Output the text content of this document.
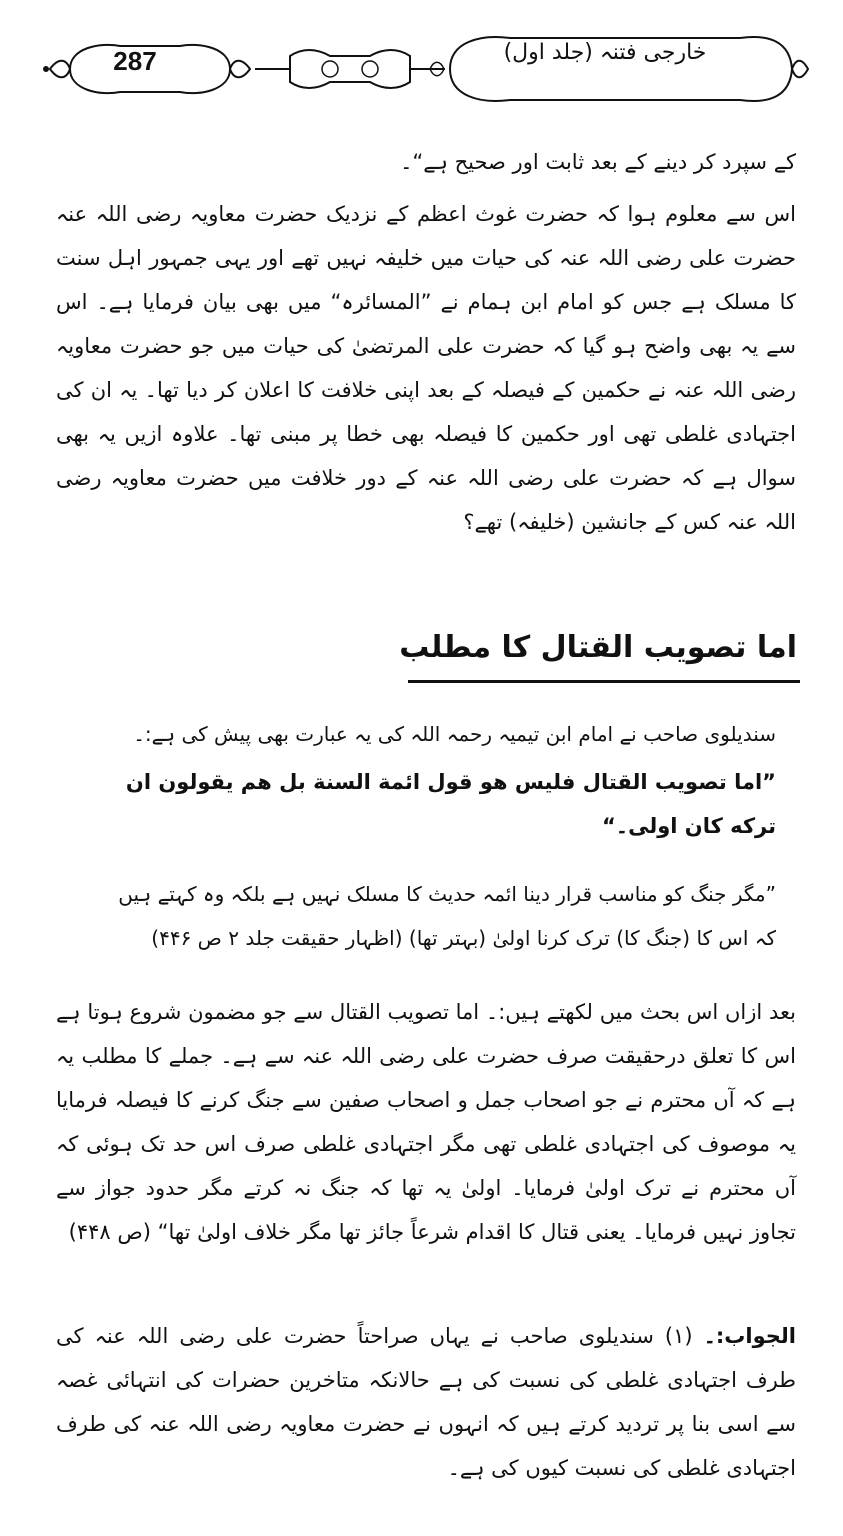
287	خارجی فتنہ (جلد اول)
کے سپرد کر دینے کے بعد ثابت اور صحیح ہے“۔
اس سے معلوم ہوا کہ حضرت غوث اعظم کے نزدیک حضرت معاویہ رضی اللہ عنہ حضرت علی رضی اللہ عنہ کی حیات میں خلیفہ نہیں تھے اور یہی جمہور اہل سنت کا مسلک ہے جس کو امام ابن ہمام نے ”المسائرہ“ میں بھی بیان فرمایا ہے۔ اس سے یہ بھی واضح ہو گیا کہ حضرت علی المرتضیٰ کی حیات میں جو حضرت معاویہ رضی اللہ عنہ نے حکمین کے فیصلہ کے بعد اپنی خلافت کا اعلان کر دیا تھا۔ یہ ان کی اجتہادی غلطی تھی اور حکمین کا فیصلہ بھی خطا پر مبنی تھا۔ علاوہ ازیں یہ بھی سوال ہے کہ حضرت علی رضی اللہ عنہ کے دور خلافت میں حضرت معاویہ رضی اللہ عنہ کس کے جانشین (خلیفہ) تھے؟
اما تصویب القتال کا مطلب
سندیلوی صاحب نے امام ابن تیمیہ رحمہ اللہ کی یہ عبارت بھی پیش کی ہے:۔
”اما تصویب القتال فلیس هو قول ائمة السنة بل هم یقولون ان ترکه کان اولی۔“
”مگر جنگ کو مناسب قرار دینا ائمہ حدیث کا مسلک نہیں ہے بلکہ وہ کہتے ہیں کہ اس کا (جنگ کا) ترک کرنا اولیٰ (بہتر تھا) (اظہار حقیقت جلد ۲ ص ۴۴۶)
بعد ازاں اس بحث میں لکھتے ہیں:۔ اما تصویب القتال سے جو مضمون شروع ہوتا ہے اس کا تعلق درحقیقت صرف حضرت علی رضی اللہ عنہ سے ہے۔ جملے کا مطلب یہ ہے کہ آں محترم نے جو اصحاب جمل و اصحاب صفین سے جنگ کرنے کا فیصلہ فرمایا یہ موصوف کی اجتہادی غلطی تھی مگر اجتہادی غلطی صرف اس حد تک ہوئی کہ آں محترم نے ترک اولیٰ فرمایا۔ اولیٰ یہ تھا کہ جنگ نہ کرتے مگر حدود جواز سے تجاوز نہیں فرمایا۔ یعنی قتال کا اقدام شرعاً جائز تھا مگر خلاف اولیٰ تھا“ (ص ۴۴۸)
الجواب:۔ (۱) سندیلوی صاحب نے یہاں صراحتاً حضرت علی رضی اللہ عنہ کی طرف اجتہادی غلطی کی نسبت کی ہے حالانکہ متاخرین حضرات کی انتہائی غصہ سے اسی بنا پر تردید کرتے ہیں کہ انہوں نے حضرت معاویہ رضی اللہ عنہ کی طرف اجتہادی غلطی کی نسبت کیوں کی ہے۔
